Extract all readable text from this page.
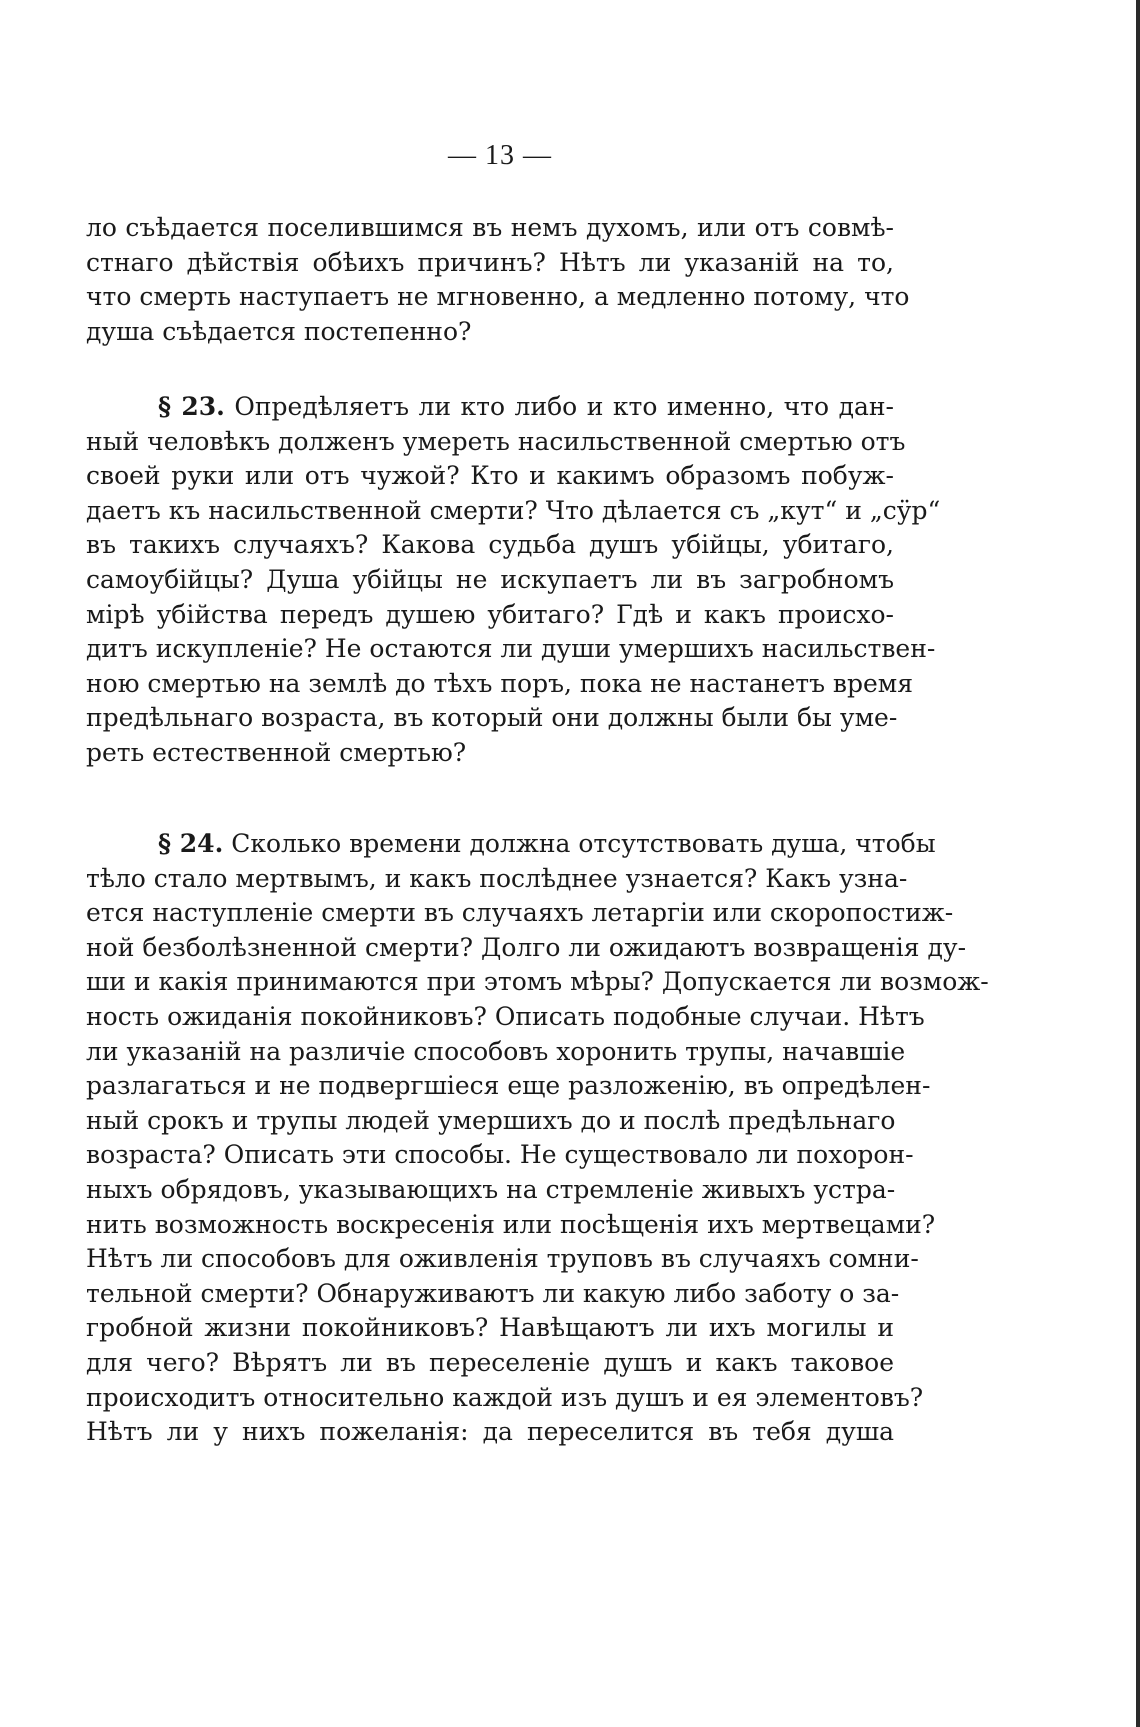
— 13 —
ло съѣдается поселившимся въ немъ духомъ, или отъ совмѣ-
стнаго дѣйствія обѣихъ причинъ? Нѣтъ ли указаній на то,
что смерть наступаетъ не мгновенно, а медленно потому, что
душа съѣдается постепенно?
§ 23. Опредѣляетъ ли кто либо и кто именно, что дан-
ный человѣкъ долженъ умереть насильственной смертью отъ
своей руки или отъ чужой? Кто и какимъ образомъ побуж-
даетъ къ насильственной смерти? Что дѣлается съ „кут“ и „сӱр“
въ такихъ случаяхъ? Какова судьба душъ убійцы, убитаго,
самоубійцы? Душа убійцы не искупаетъ ли въ загробномъ
мірѣ убійства передъ душею убитаго? Гдѣ и какъ происхо-
дитъ искупленіе? Не остаются ли души умершихъ насильствен-
ною смертью на землѣ до тѣхъ поръ, пока не настанетъ время
предѣльнаго возраста, въ который они должны были бы уме-
реть естественной смертью?
§ 24. Сколько времени должна отсутствовать душа, чтобы
тѣло стало мертвымъ, и какъ послѣднее узнается? Какъ узна-
ется наступленіе смерти въ случаяхъ летаргіи или скоропостиж-
ной безболѣзненной смерти? Долго ли ожидаютъ возвращенія ду-
ши и какія принимаются при этомъ мѣры? Допускается ли возмож-
ность ожиданія покойниковъ? Описать подобные случаи. Нѣтъ
ли указаній на различіе способовъ хоронить трупы, начавшіе
разлагаться и не подвергшіеся еще разложенію, въ опредѣлен-
ный срокъ и трупы людей умершихъ до и послѣ предѣльнаго
возраста? Описать эти способы. Не существовало ли похорон-
ныхъ обрядовъ, указывающихъ на стремленіе живыхъ устра-
нить возможность воскресенія или посѣщенія ихъ мертвецами?
Нѣтъ ли способовъ для оживленія труповъ въ случаяхъ сомни-
тельной смерти? Обнаруживаютъ ли какую либо заботу о за-
гробной жизни покойниковъ? Навѣщаютъ ли ихъ могилы и
для чего? Вѣрятъ ли въ переселеніе душъ и какъ таковое
происходитъ относительно каждой изъ душъ и ея элементовъ?
Нѣтъ ли у нихъ пожеланія: да переселится въ тебя душа
